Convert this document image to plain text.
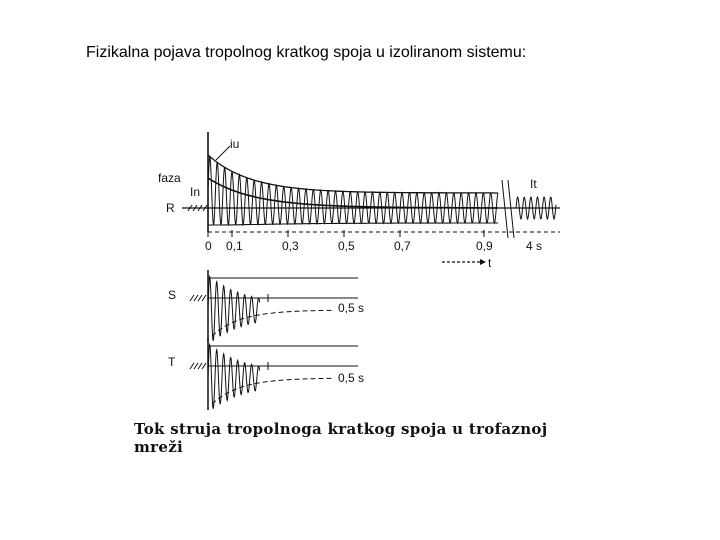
Fizikalna pojava tropolnog kratkog spoja u izoliranom sistemu:
iu
faza
In
R
It
0 0,1	0,3	0,5	0,7	0,9	4 s
t
S
0,5 s
T
0,5 s
Tok struja tropolnoga kratkog spoja u trofaznoj mreži
